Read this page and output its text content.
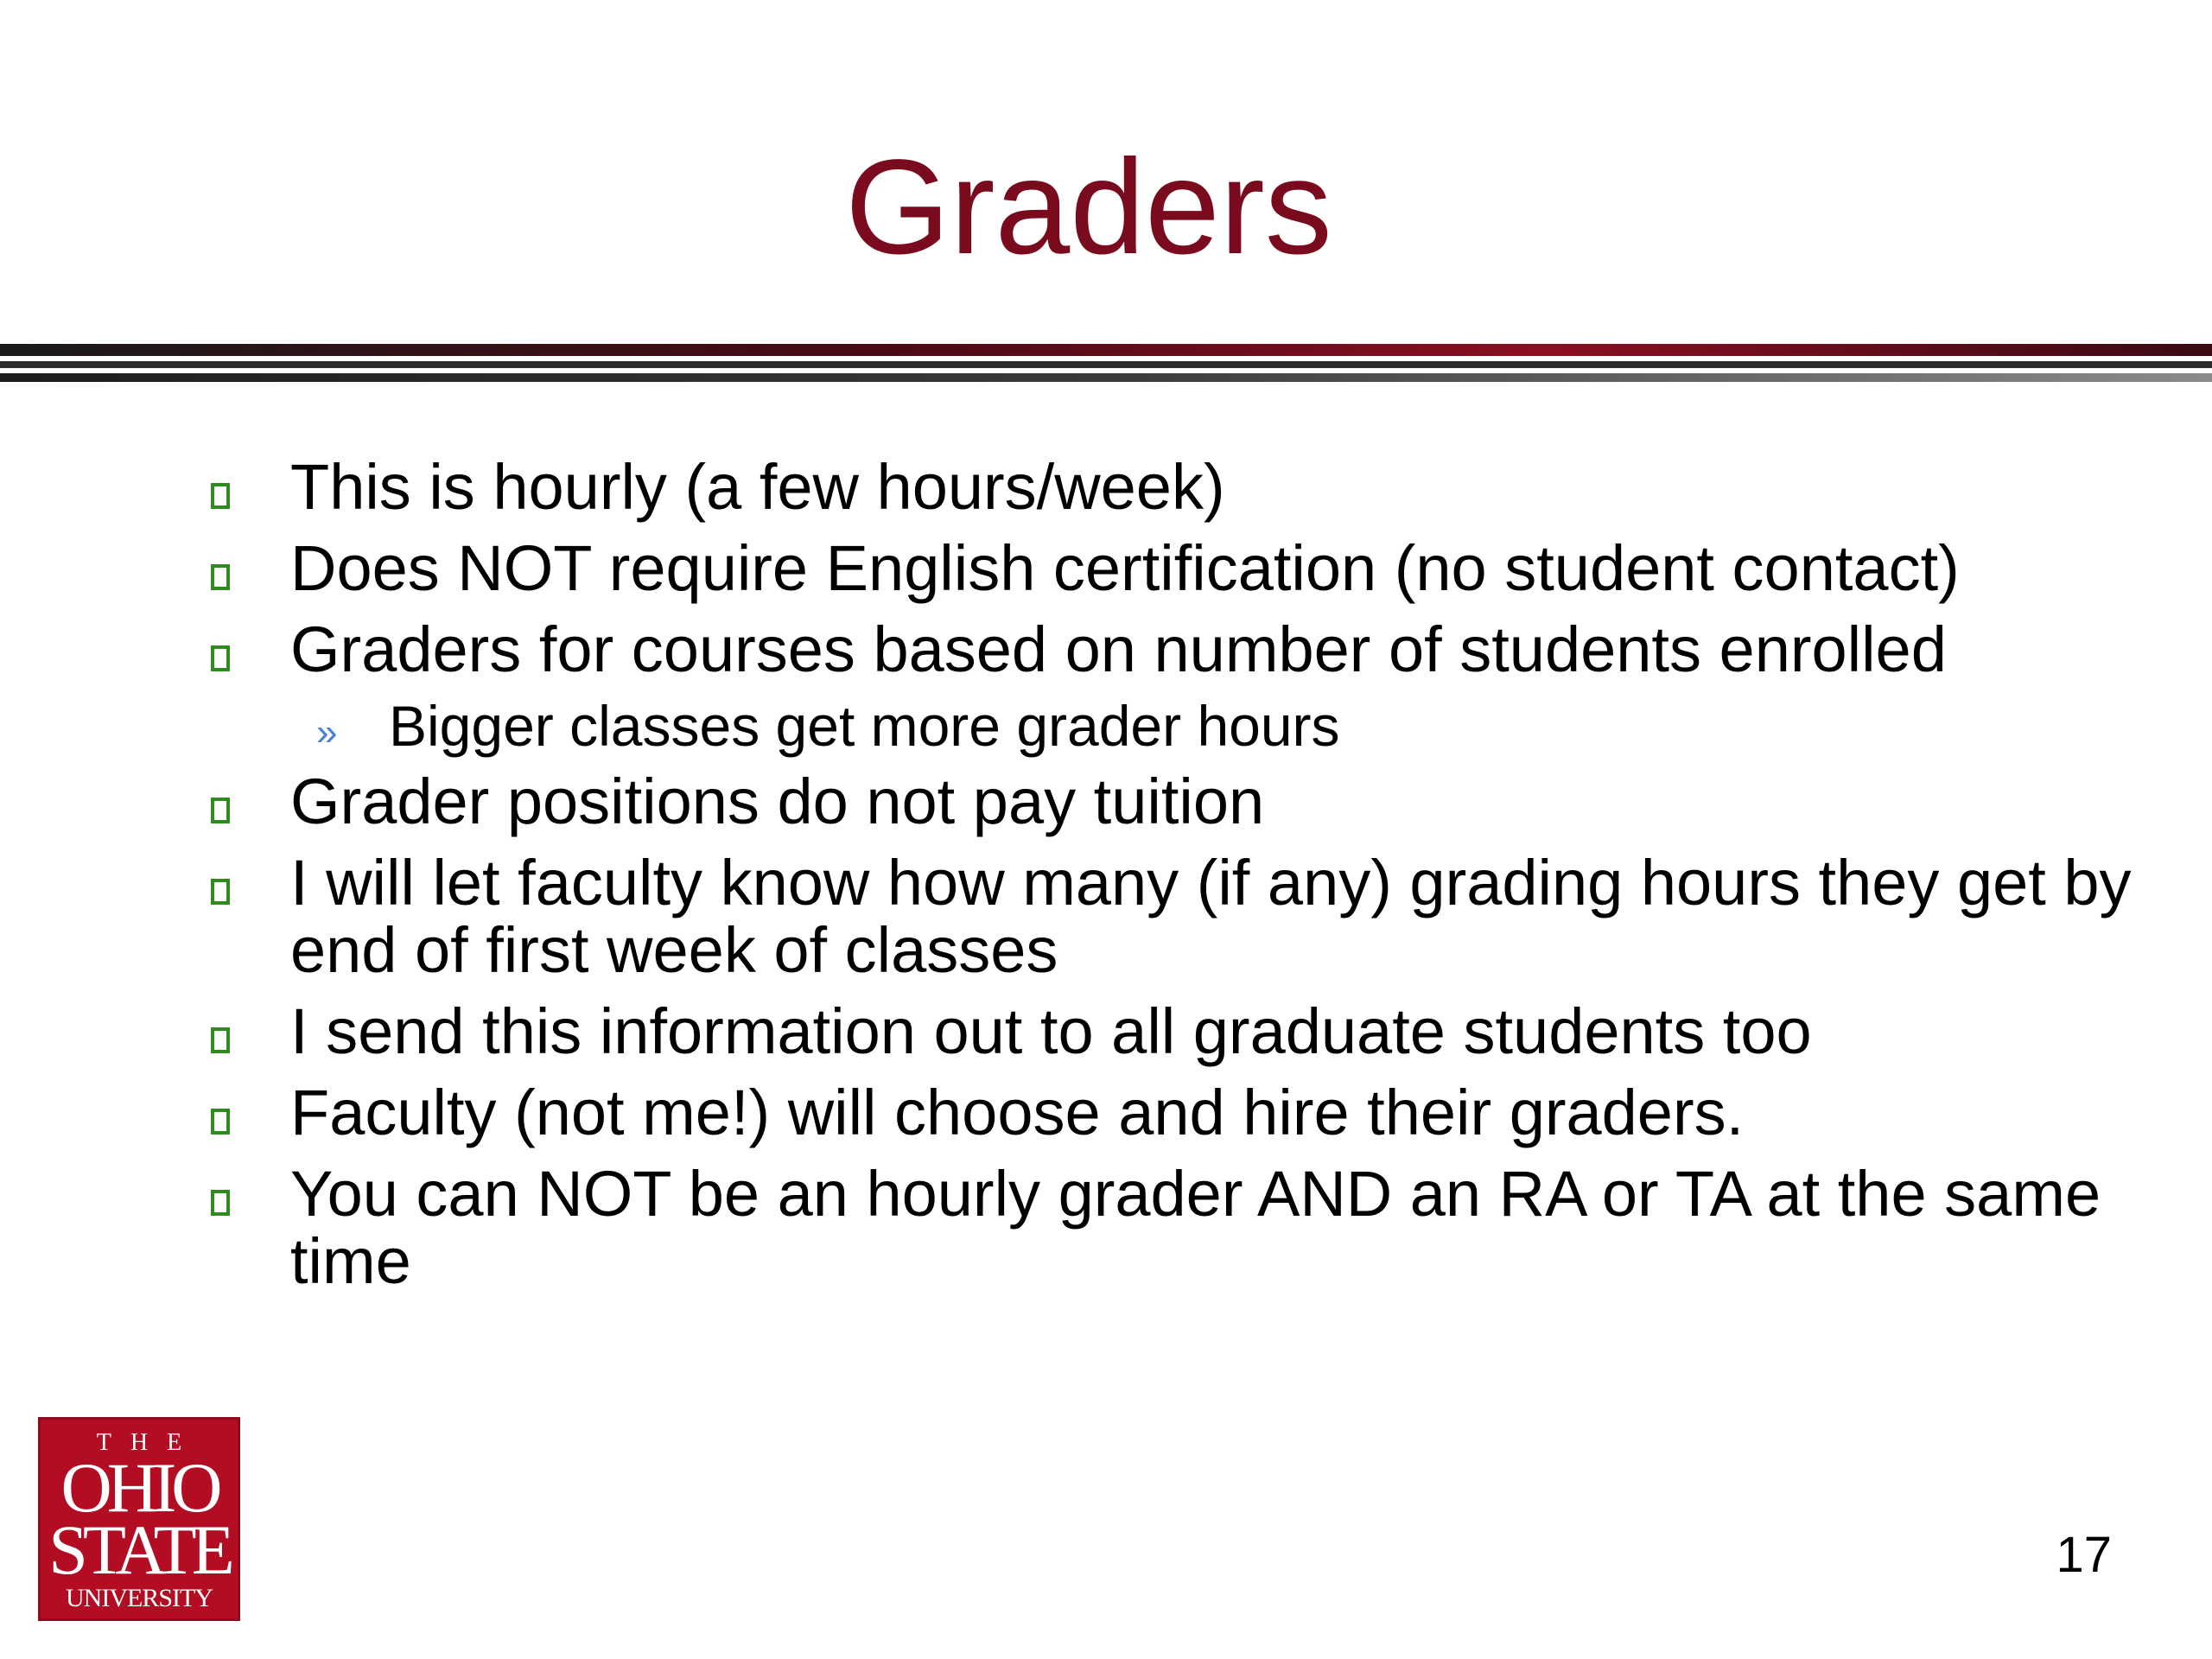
Graders
This is hourly (a few hours/week)
Does NOT require English certification (no student contact)
Graders for courses based on number of students enrolled
» Bigger classes get more grader hours
Grader positions do not pay tuition
I will let faculty know how many (if any) grading hours they get by end of first week of classes
I send this information out to all graduate students too
Faculty (not me!) will choose and hire their graders.
You can NOT be an hourly grader AND an RA or TA at the same time
THE
OHIO
STATE
UNIVERSITY
17
